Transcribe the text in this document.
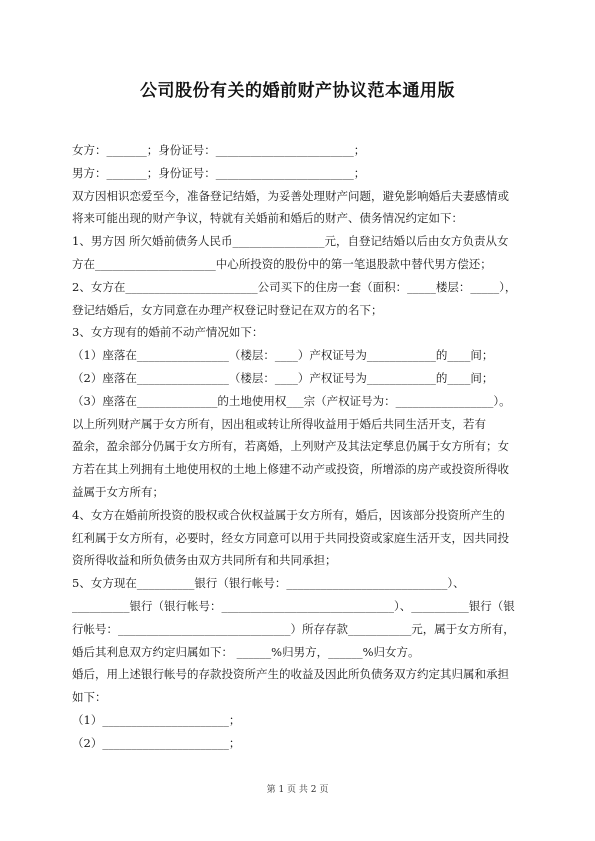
公司股份有关的婚前财产协议范本通用版
女方：_______；身份证号：________________________；
男方：_______；身份证号：________________________；
双方因相识恋爱至今，准备登记结婚，为妥善处理财产问题，避免影响婚后夫妻感情或
将来可能出现的财产争议，特就有关婚前和婚后的财产、债务情况约定如下：
1、男方因 所欠婚前债务人民币________________元，自登记结婚以后由女方负责从女
方在_____________________中心所投资的股份中的第一笔退股款中替代男方偿还；
2、女方在_______________________公司买下的住房一套（面积：_____楼层：_____），
登记结婚后，女方同意在办理产权登记时登记在双方的名下；
3、女方现有的婚前不动产情况如下：
（1）座落在________________（楼层：____）产权证号为____________的____间；
（2）座落在________________（楼层：____）产权证号为____________的____间；
（3）座落在______________的土地使用权___宗（产权证号为：_________________）。
以上所列财产属于女方所有，因出租或转让所得收益用于婚后共同生活开支，若有
盈余，盈余部分仍属于女方所有，若离婚，上列财产及其法定孳息仍属于女方所有；女
方若在其上列拥有土地使用权的土地上修建不动产或投资，所增添的房产或投资所得收
益属于女方所有；
4、女方在婚前所投资的股权或合伙权益属于女方所有，婚后，因该部分投资所产生的
红利属于女方所有，必要时，经女方同意可以用于共同投资或家庭生活开支，因共同投
资所得收益和所负债务由双方共同所有和共同承担；
5、女方现在__________银行（银行帐号：____________________________）、
__________银行（银行帐号：______________________________）、__________银行（银
行帐号：______________________________）所存存款___________元，属于女方所有，
婚后其利息双方约定归属如下： ______%归男方，______%归女方。
婚后，用上述银行帐号的存款投资所产生的收益及因此所负债务双方约定其归属和承担
如下：
（1）______________________；
（2）______________________；
第 1 页 共 2 页
